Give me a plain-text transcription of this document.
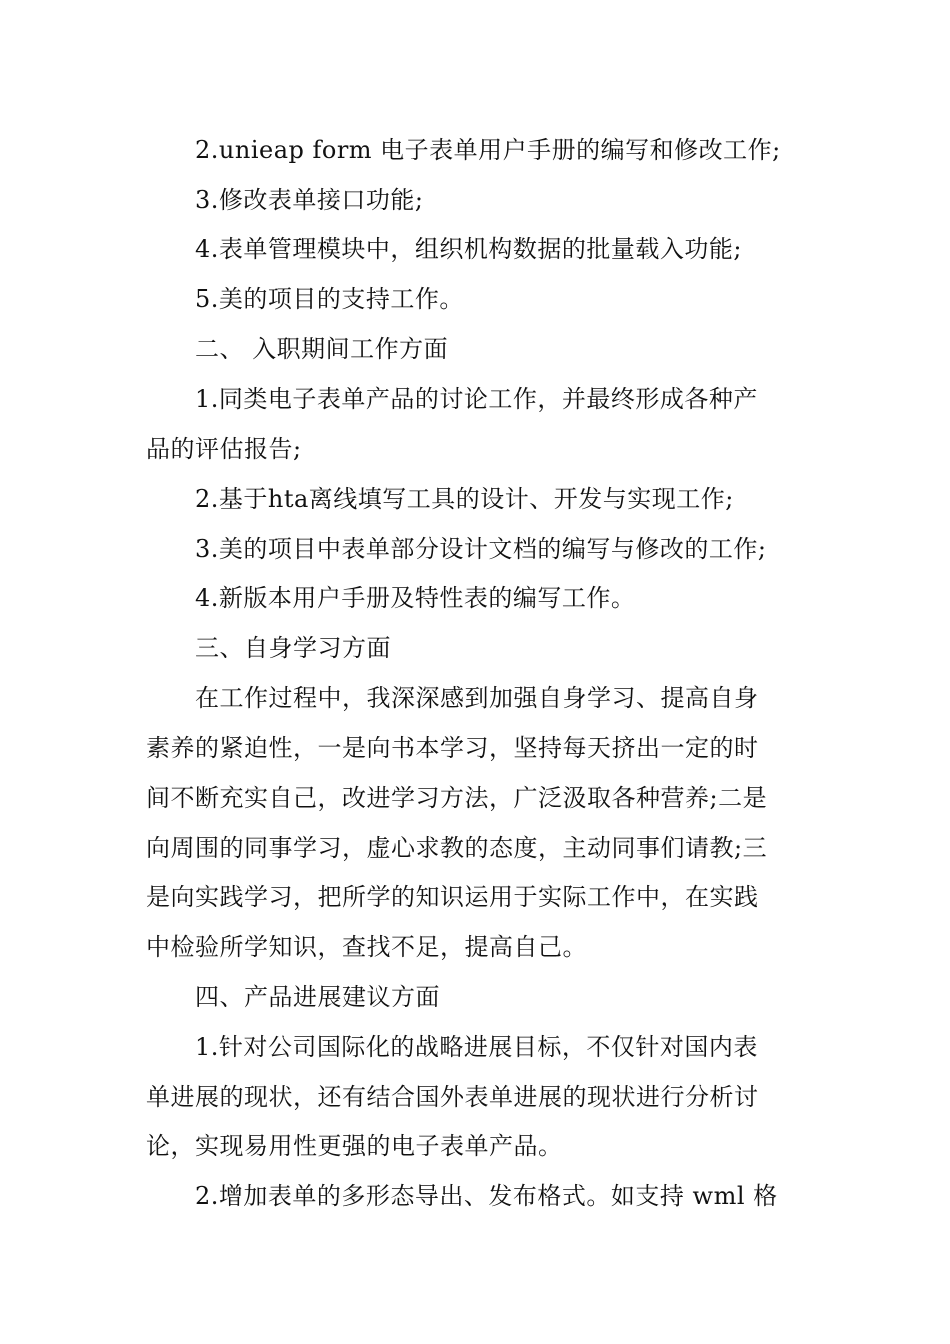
2.unieap form 电子表单用户手册的编写和修改工作;
3.修改表单接口功能;
4.表单管理模块中，组织机构数据的批量载入功能;
5.美的项目的支持工作。
二、 入职期间工作方面
1.同类电子表单产品的讨论工作，并最终形成各种产
品的评估报告;
2.基于hta离线填写工具的设计、开发与实现工作;
3.美的项目中表单部分设计文档的编写与修改的工作;
4.新版本用户手册及特性表的编写工作。
三、自身学习方面
在工作过程中，我深深感到加强自身学习、提高自身
素养的紧迫性，一是向书本学习，坚持每天挤出一定的时
间不断充实自己，改进学习方法，广泛汲取各种营养;二是
向周围的同事学习，虚心求教的态度，主动同事们请教;三
是向实践学习，把所学的知识运用于实际工作中，在实践
中检验所学知识，查找不足，提高自己。
四、产品进展建议方面
1.针对公司国际化的战略进展目标，不仅针对国内表
单进展的现状，还有结合国外表单进展的现状进行分析讨
论，实现易用性更强的电子表单产品。
2.增加表单的多形态导出、发布格式。如支持 wml 格
